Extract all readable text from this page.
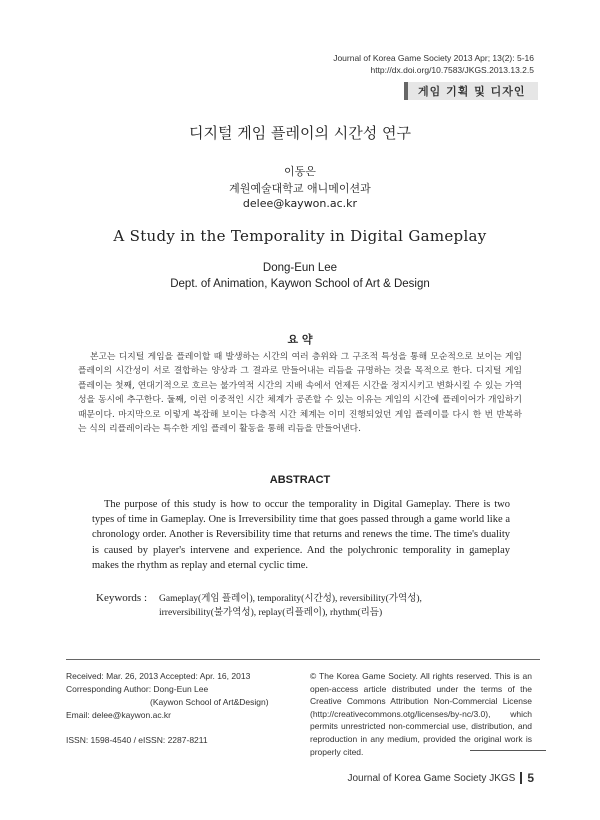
Journal of Korea Game Society 2013 Apr; 13(2): 5-16
http://dx.doi.org/10.7583/JKGS.2013.13.2.5
게임 기획 및 디자인
디지털 게임 플레이의 시간성 연구
이동은
계원예술대학교 애니메이션과
delee@kaywon.ac.kr
A Study in the Temporality in Digital Gameplay
Dong-Eun Lee
Dept. of Animation, Kaywon School of Art & Design
요 약
본고는 디지털 게임을 플레이할 때 발생하는 시간의 여러 층위와 그 구조적 특성을 통해 모순적으로 보이는 게임 플레이의 시간성이 서로 결합하는 양상과 그 결과로 만들어내는 리듬을 규명하는 것을 목적으로 한다. 디지털 게임 플레이는 첫째, 연대기적으로 흐르는 불가역적 시간의 지배 속에서 언제든 시간을 정지시키고 변화시킬 수 있는 가역성을 동시에 추구한다. 둘째, 이런 이중적인 시간 체계가 공존할 수 있는 이유는 게임의 시간에 플레이어가 개입하기 때문이다. 마지막으로 이렇게 복잡해 보이는 다층적 시간 체계는 이미 진행되었던 게임 플레이를 다시 한 번 반복하는 식의 리플레이라는 특수한 게임 플레이 활동을 통해 리듬을 만들어낸다.
ABSTRACT
The purpose of this study is how to occur the temporality in Digital Gameplay. There is two types of time in Gameplay. One is Irreversibility time that goes passed through a game world like a chronology order. Another is Reversibility time that returns and renews the time. The time's duality is caused by player's intervene and experience. And the polychronic temporality in gameplay makes the rhythm as replay and eternal cyclic time.
Keywords : Gameplay(게임 플레이), temporality(시간성), reversibility(가역성),
irreversibility(불가역성), replay(리플레이), rhythm(리듬)
Received: Mar. 26, 2013 Accepted: Apr. 16, 2013
Corresponding Author: Dong-Eun Lee
(Kaywon School of Art&Design)
Email: delee@kaywon.ac.kr
ISSN: 1598-4540 / eISSN: 2287-8211
© The Korea Game Society. All rights reserved. This is an open-access article distributed under the terms of the Creative Commons Attribution Non-Commercial License (http://creativecommons.otg/licenses/by-nc/3.0), which permits unrestricted non-commercial use, distribution, and reproduction in any medium, provided the original work is properly cited.
Journal of Korea Game Society JKGS 5
